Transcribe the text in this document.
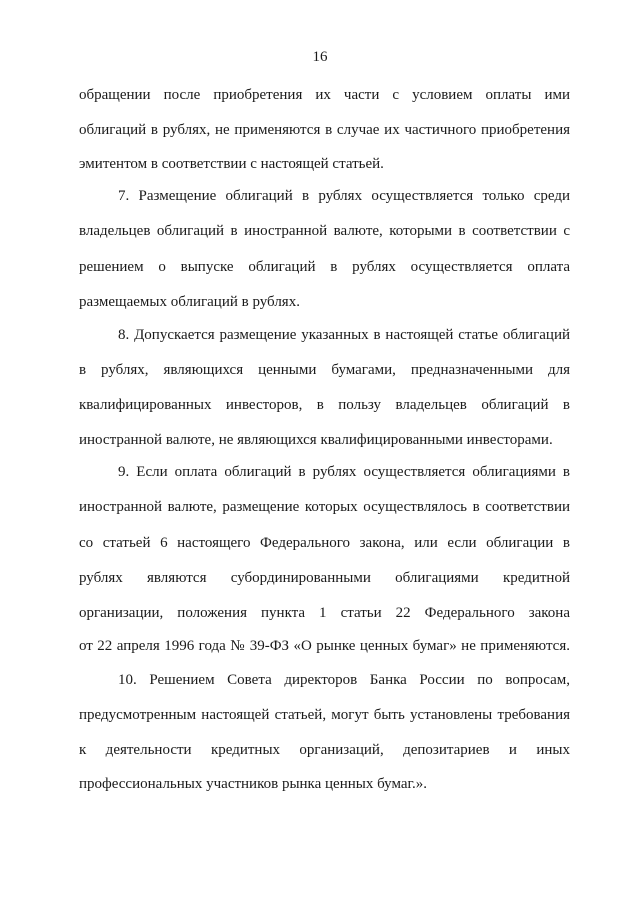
16
обращении после приобретения их части с условием оплаты ими
облигаций в рублях, не применяются в случае их частичного приобретения
эмитентом в соответствии с настоящей статьей.
7. Размещение облигаций в рублях осуществляется только среди
владельцев облигаций в иностранной валюте, которыми в соответствии с
решением о выпуске облигаций в рублях осуществляется оплата
размещаемых облигаций в рублях.
8. Допускается размещение указанных в настоящей статье облигаций
в рублях, являющихся ценными бумагами, предназначенными для
квалифицированных инвесторов, в пользу владельцев облигаций в
иностранной валюте, не являющихся квалифицированными инвесторами.
9. Если оплата облигаций в рублях осуществляется облигациями в
иностранной валюте, размещение которых осуществлялось в соответствии
со статьей 6 настоящего Федерального закона, или если облигации в
рублях являются субординированными облигациями кредитной
организации, положения пункта 1 статьи 22 Федерального закона
от 22 апреля 1996 года № 39-ФЗ «О рынке ценных бумаг» не применяются.
10. Решением Совета директоров Банка России по вопросам,
предусмотренным настоящей статьей, могут быть установлены требования
к деятельности кредитных организаций, депозитариев и иных
профессиональных участников рынка ценных бумаг.».
